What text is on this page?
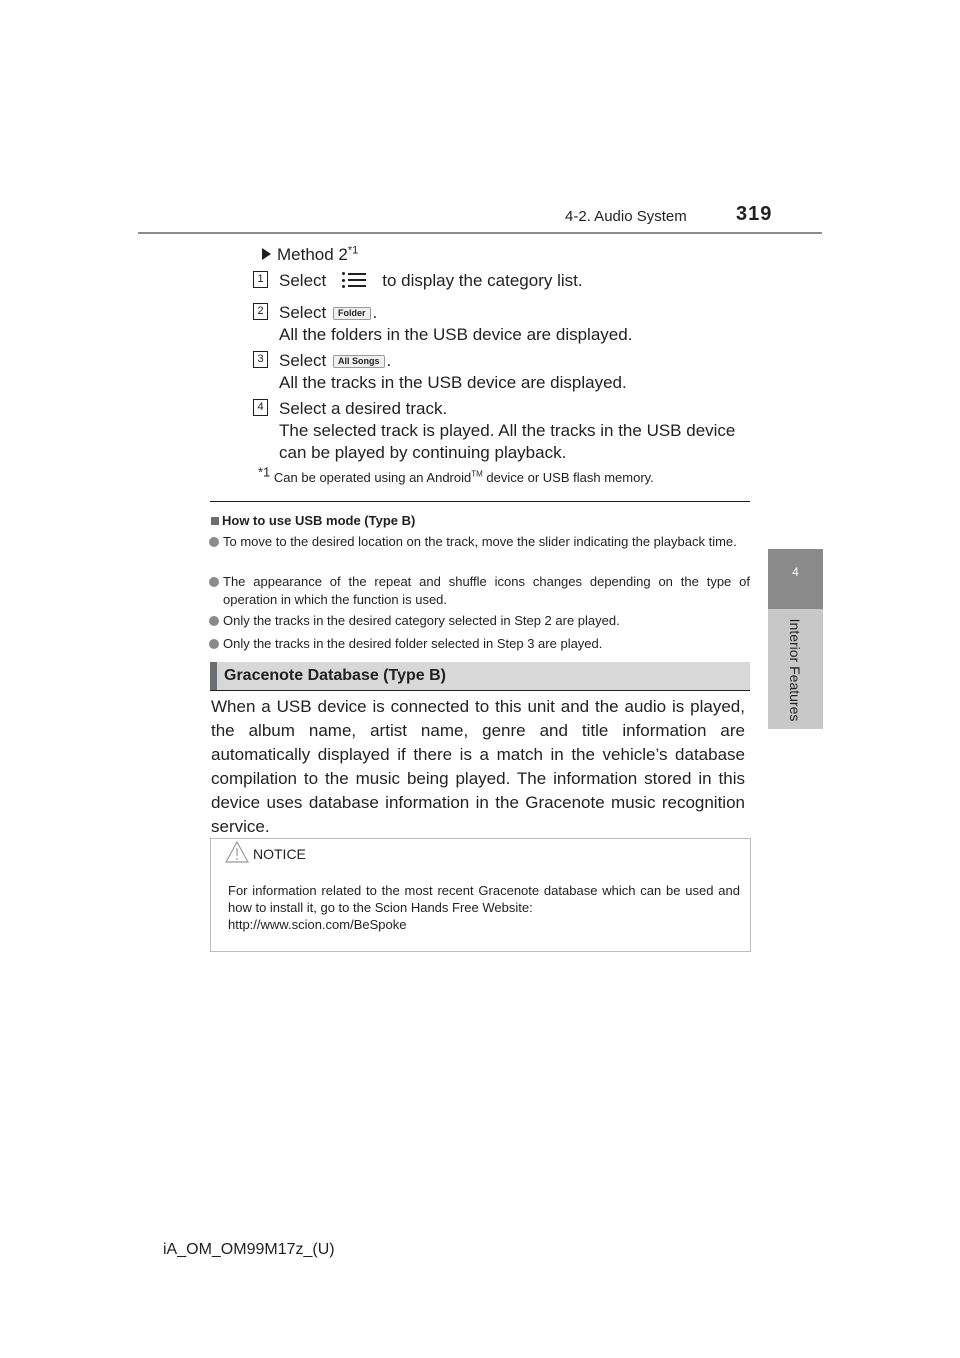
4-2. Audio System 319
4
Interior Features
Method 2$^{*1}$
1 Select	to display the category list.
2 Select Folder .
All the folders in the USB device are displayed.
3 Select All Songs .
All the tracks in the USB device are displayed.
4 Select a desired track.
The selected track is played. All the tracks in the USB device
can be played by continuing playback.
$^{*1}$ Can be operated using an Android™ device or USB flash memory.
How to use USB mode (Type B)
To move to the desired location on the track, move the slider indicating the playback time.
The appearance of the repeat and shuffle icons changes depending on the type of operation in which the function is used.
Only the tracks in the desired category selected in Step 2 are played.
Only the tracks in the desired folder selected in Step 3 are played.
Gracenote Database (Type B)
When a USB device is connected to this unit and the audio is played, the album name, artist name, genre and title information are automatically displayed if there is a match in the vehicle’s database compilation to the music being played. The information stored in this device uses database information in the Gracenote music recognition service.
NOTICE
For information related to the most recent Gracenote database which can be used and how to install it, go to the Scion Hands Free Website:
http://www.scion.com/BeSpoke
iA_OM_OM99M17z_(U)
